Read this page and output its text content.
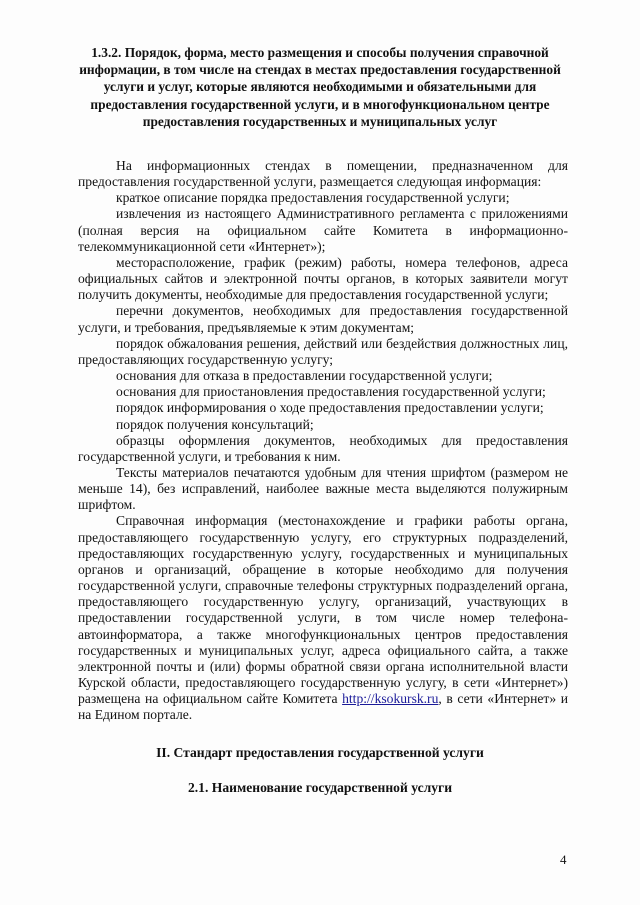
1.3.2. Порядок, форма, место размещения и способы получения справочной информации, в том числе на стендах в местах предоставления государственной услуги и услуг, которые являются необходимыми и обязательными для предоставления государственной услуги, и в многофункциональном центре предоставления государственных и муниципальных услуг

На информационных стендах в помещении, предназначенном для предоставления государственной услуги, размещается следующая информация:

краткое описание порядка предоставления государственной услуги;

извлечения из настоящего Административного регламента с приложениями (полная версия на официальном сайте Комитета в информационно-телекоммуникационной сети «Интернет»);

месторасположение, график (режим) работы, номера телефонов, адреса официальных сайтов и электронной почты органов, в которых заявители могут получить документы, необходимые для предоставления государственной услуги;

перечни документов, необходимых для предоставления государственной услуги, и требования, предъявляемые к этим документам;

порядок обжалования решения, действий или бездействия должностных лиц, предоставляющих государственную услугу;

основания для отказа в предоставлении государственной услуги;

основания для приостановления предоставления государственной услуги;

порядок информирования о ходе предоставления предоставлении услуги;

порядок получения консультаций;

образцы оформления документов, необходимых для предоставления государственной услуги, и требования к ним.

Тексты материалов печатаются удобным для чтения шрифтом (размером не меньше 14), без исправлений, наиболее важные места выделяются полужирным шрифтом.

Справочная информация (местонахождение и графики работы органа, предоставляющего государственную услугу, его структурных подразделений, предоставляющих государственную услугу, государственных и муниципальных органов и организаций, обращение в которые необходимо для получения государственной услуги, справочные телефоны структурных подразделений органа, предоставляющего государственную услугу, организаций, участвующих в предоставлении государственной услуги, в том числе номер телефона-автоинформатора, а также многофункциональных центров предоставления государственных и муниципальных услуг, адреса официального сайта, а также электронной почты и (или) формы обратной связи органа исполнительной власти Курской области, предоставляющего государственную услугу, в сети «Интернет») размещена на официальном сайте Комитета http://ksokursk.ru, в сети «Интернет» и на Едином портале.

II. Стандарт предоставления государственной услуги

2.1. Наименование государственной услуги

4
